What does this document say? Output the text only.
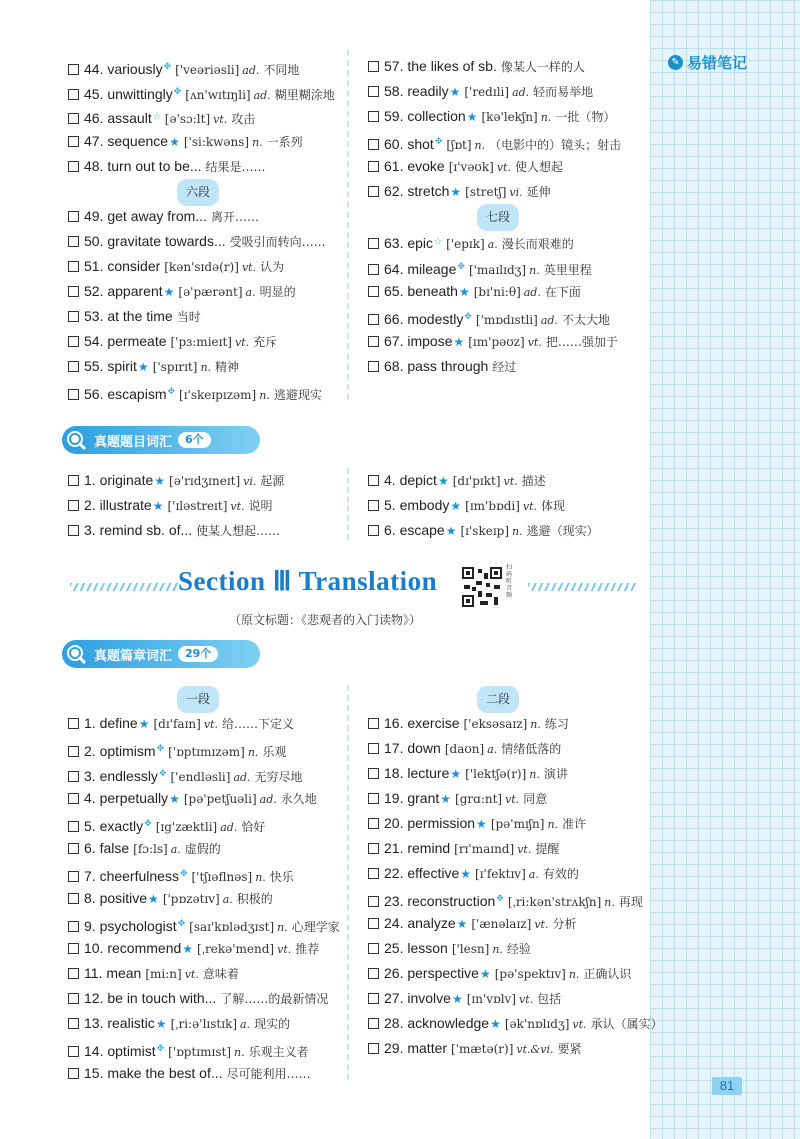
✎ 易错笔记
44. variously✥ ['veəriəsli] ad. 不同地
45. unwittingly✥ [ʌn'wɪtɪŋli] ad. 糊里糊涂地
46. assault☆ [ə'sɔ:lt] vt. 攻击
47. sequence★ ['si:kwəns] n. 一系列
48. turn out to be... 结果是……
六段
49. get away from... 离开……
50. gravitate towards... 受吸引而转向……
51. consider [kən'sɪdə(r)] vt. 认为
52. apparent★ [ə'pærənt] a. 明显的
53. at the time 当时
54. permeate ['pɜ:mieɪt] vt. 充斥
55. spirit★ ['spɪrɪt] n. 精神
56. escapism✥ [ɪ'skeɪpɪzəm] n. 逃避现实
57. the likes of sb. 像某人一样的人
58. readily★ ['redɪli] ad. 轻而易举地
59. collection★ [kə'lekʃn] n. 一批（物）
60. shot✥ [ʃɒt] n. （电影中的）镜头；射击
61. evoke [ɪ'vəʊk] vt. 使人想起
62. stretch★ [stretʃ] vi. 延伸
七段
63. epic☆ ['epɪk] a. 漫长而艰难的
64. mileage✥ ['maɪlɪdʒ] n. 英里里程
65. beneath★ [bɪ'ni:θ] ad. 在下面
66. modestly✥ ['mɒdɪstli] ad. 不太大地
67. impose★ [ɪm'pəʊz] vt. 把……强加于
68. pass through 经过
真题题目词汇	6个
1. originate★ [ə'rɪdʒɪneɪt] vi. 起源
2. illustrate★ ['ɪləstreɪt] vt. 说明
3. remind sb. of... 使某人想起……
4. depict★ [dɪ'pɪkt] vt. 描述
5. embody★ [ɪm'bɒdi] vt. 体现
6. escape★ [ɪ'skeɪp] n. 逃避（现实）
Section Ⅲ Translation	扫码听音频
（原文标题：《悲观者的入门读物》）
真题篇章词汇	29个
一段
1. define★ [dɪ'faɪn] vt. 给……下定义
2. optimism✥ ['ɒptɪmɪzəm] n. 乐观
3. endlessly✥ ['endləsli] ad. 无穷尽地
4. perpetually★ [pə'petʃuəli] ad. 永久地
5. exactly✥ [ɪg'zæktli] ad. 恰好
6. false [fɔ:ls] a. 虚假的
7. cheerfulness✥ ['tʃɪəflnəs] n. 快乐
8. positive★ ['pɒzətɪv] a. 积极的
9. psychologist✥ [saɪ'kɒlədʒɪst] n. 心理学家
10. recommend★ [ˌrekə'mend] vt. 推荐
11. mean [mi:n] vt. 意味着
12. be in touch with... 了解……的最新情况
13. realistic★ [ˌri:ə'lɪstɪk] a. 现实的
14. optimist✥ ['ɒptɪmɪst] n. 乐观主义者
15. make the best of... 尽可能利用……
二段
16. exercise ['eksəsaɪz] n. 练习
17. down [daʊn] a. 情绪低落的
18. lecture★ ['lektʃə(r)] n. 演讲
19. grant★ [grɑ:nt] vt. 同意
20. permission★ [pə'mɪʃn] n. 准许
21. remind [rɪ'maɪnd] vt. 提醒
22. effective★ [ɪ'fektɪv] a. 有效的
23. reconstruction✥ [ˌri:kən'strʌkʃn] n. 再现
24. analyze★ ['ænəlaɪz] vt. 分析
25. lesson ['lesn] n. 经验
26. perspective★ [pə'spektɪv] n. 正确认识
27. involve★ [ɪn'vɒlv] vt. 包括
28. acknowledge★ [ək'nɒlɪdʒ] vt. 承认（属实）
29. matter ['mætə(r)] vt.&vi. 要紧
81
